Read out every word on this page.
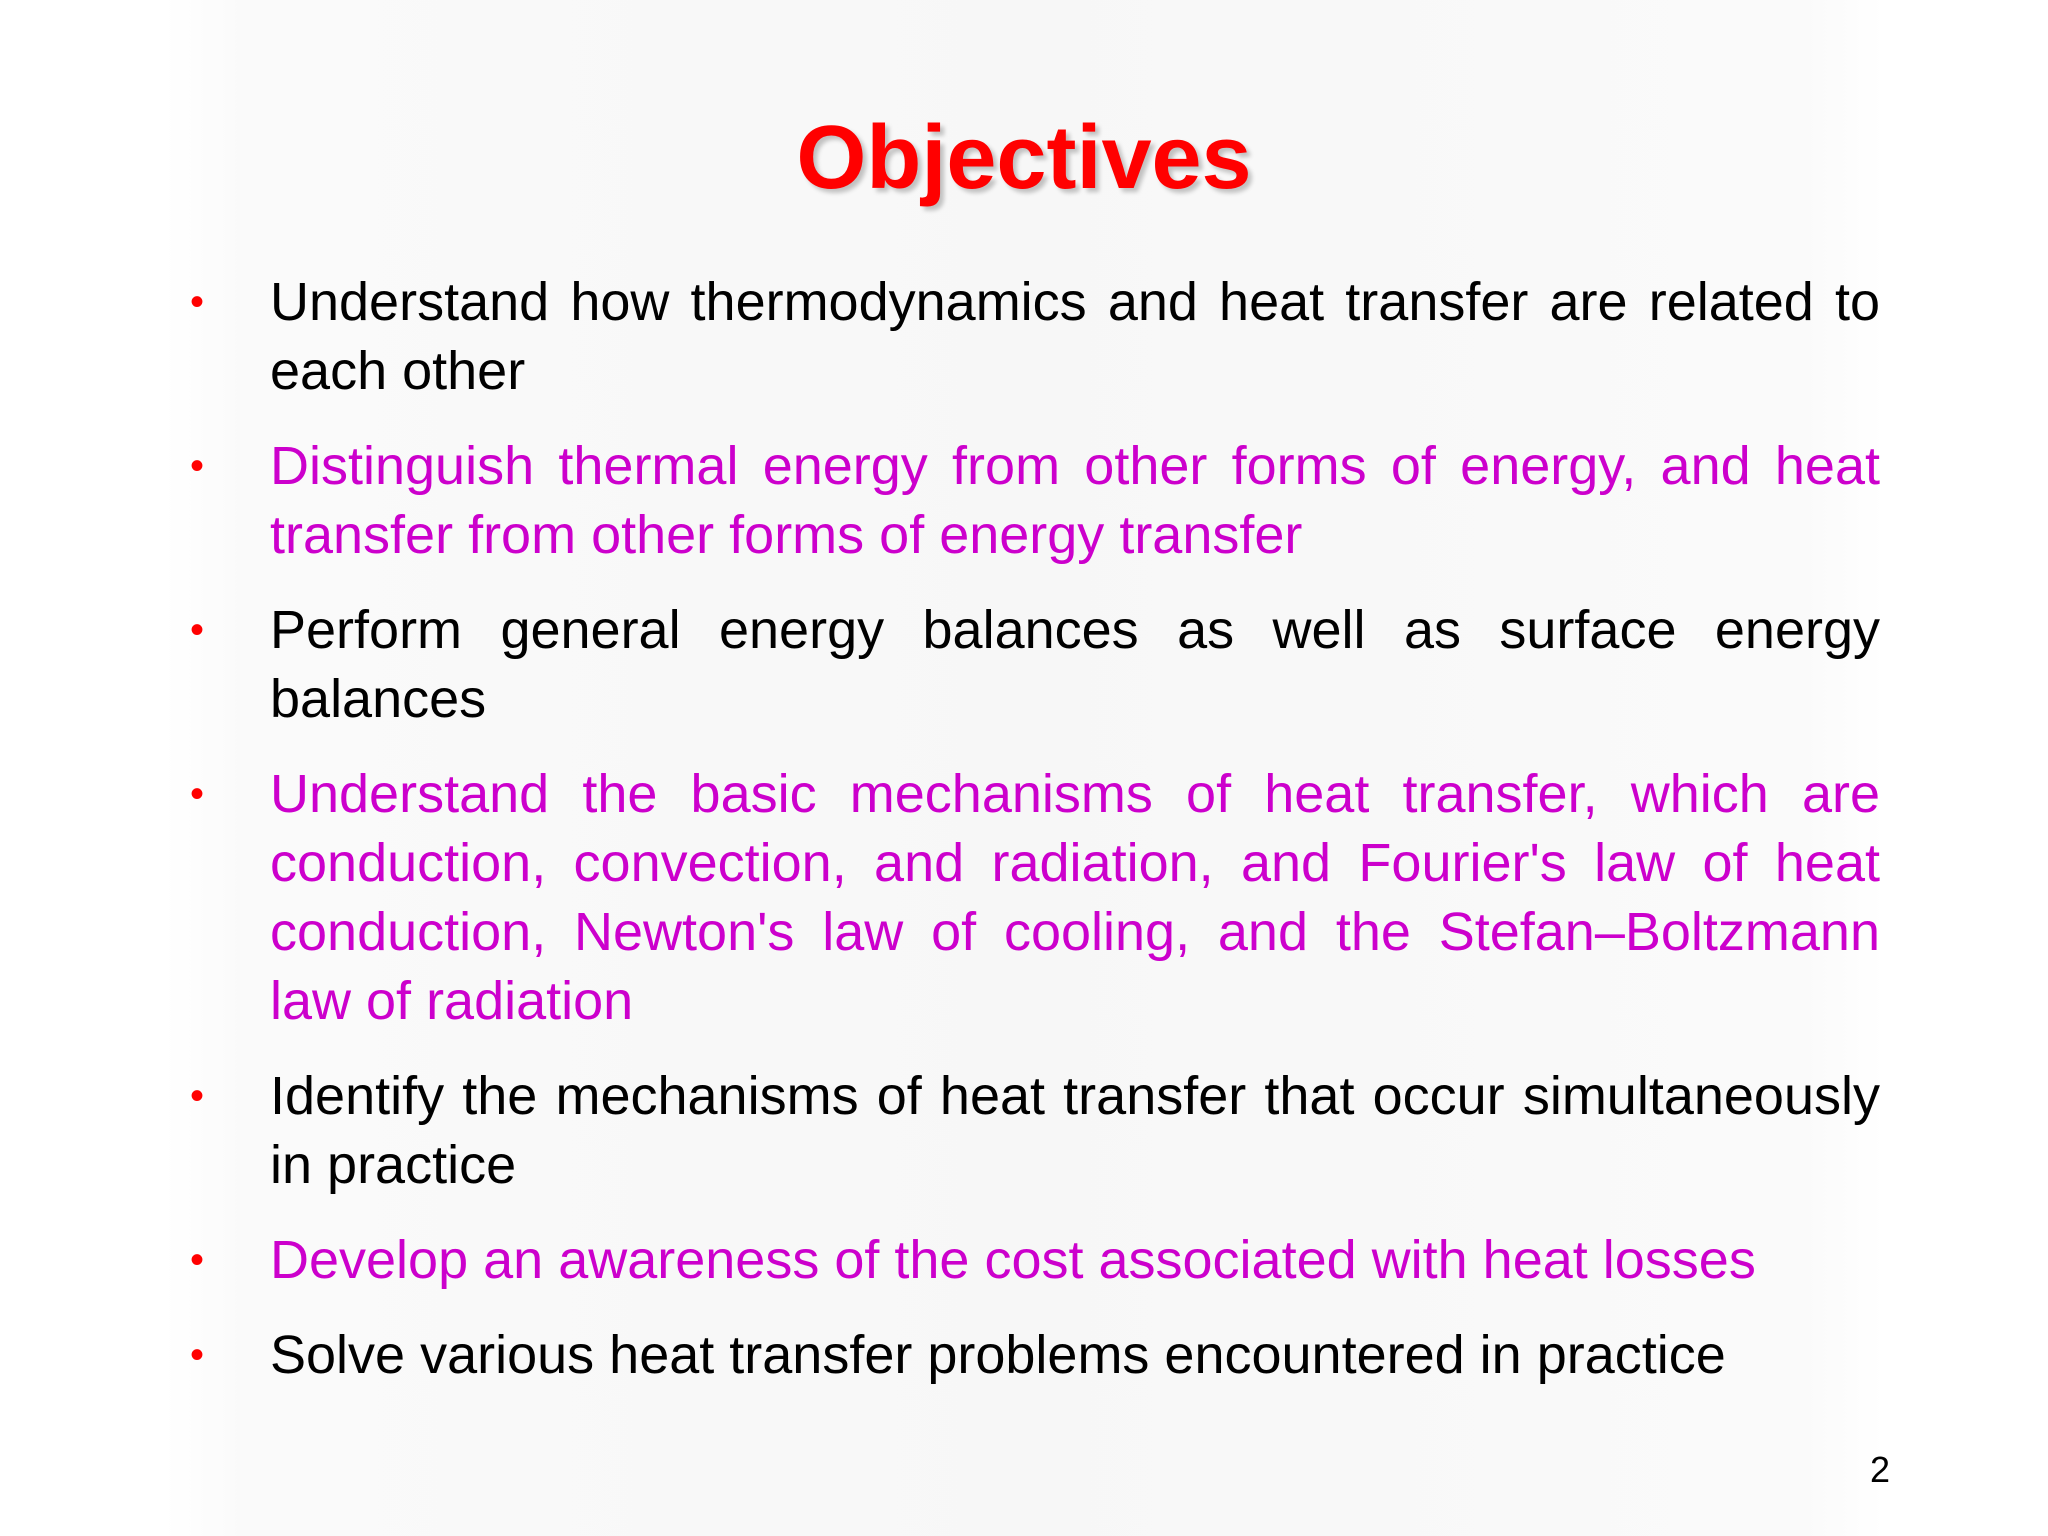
Objectives
• Understand how thermodynamics and heat transfer are related to each other
• Distinguish thermal energy from other forms of energy, and heat transfer from other forms of energy transfer
• Perform general energy balances as well as surface energy balances
• Understand the basic mechanisms of heat transfer, which are conduction, convection, and radiation, and Fourier's law of heat conduction, Newton's law of cooling, and the Stefan–Boltzmann law of radiation
• Identify the mechanisms of heat transfer that occur simultaneously in practice
• Develop an awareness of the cost associated with heat losses
• Solve various heat transfer problems encountered in practice
2
